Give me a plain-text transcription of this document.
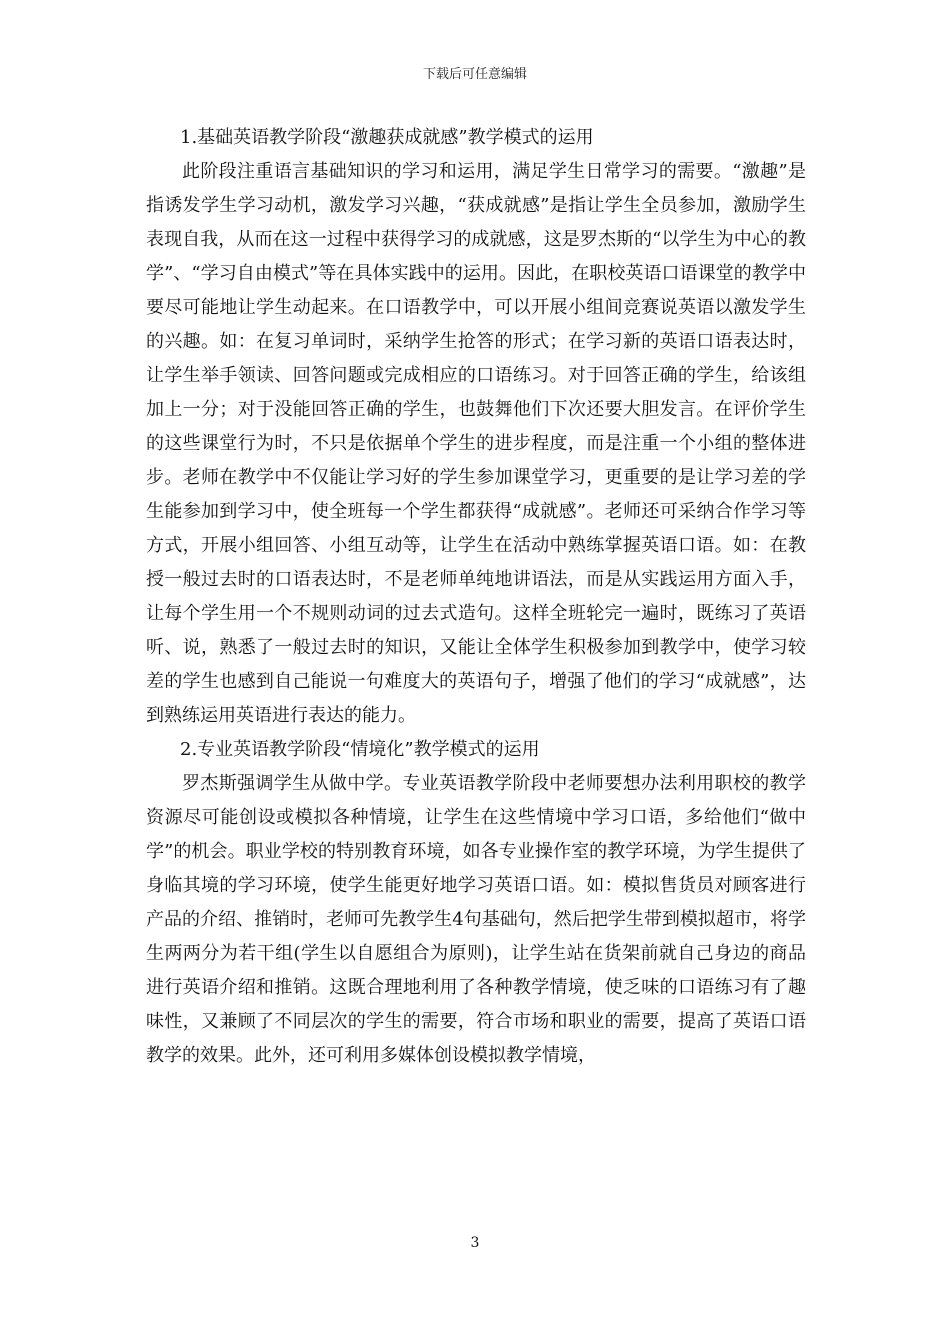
下载后可任意编辑

1.基础英语教学阶段“激趣获成就感”教学模式的运用

此阶段注重语言基础知识的学习和运用，满足学生日常学习的需要。“激趣”是指诱发学生学习动机，激发学习兴趣，“获成就感”是指让学生全员参加，激励学生表现自我，从而在这一过程中获得学习的成就感，这是罗杰斯的“以学生为中心的教学”、“学习自由模式”等在具体实践中的运用。因此，在职校英语口语课堂的教学中要尽可能地让学生动起来。在口语教学中，可以开展小组间竞赛说英语以激发学生的兴趣。如：在复习单词时，采纳学生抢答的形式；在学习新的英语口语表达时，让学生举手领读、回答问题或完成相应的口语练习。对于回答正确的学生，给该组加上一分；对于没能回答正确的学生，也鼓舞他们下次还要大胆发言。在评价学生的这些课堂行为时，不只是依据单个学生的进步程度，而是注重一个小组的整体进步。老师在教学中不仅能让学习好的学生参加课堂学习，更重要的是让学习差的学生能参加到学习中，使全班每一个学生都获得“成就感”。老师还可采纳合作学习等方式，开展小组回答、小组互动等，让学生在活动中熟练掌握英语口语。如：在教授一般过去时的口语表达时，不是老师单纯地讲语法，而是从实践运用方面入手，让每个学生用一个不规则动词的过去式造句。这样全班轮完一遍时，既练习了英语听、说，熟悉了一般过去时的知识，又能让全体学生积极参加到教学中，使学习较差的学生也感到自己能说一句难度大的英语句子，增强了他们的学习“成就感”，达到熟练运用英语进行表达的能力。

2.专业英语教学阶段“情境化”教学模式的运用

罗杰斯强调学生从做中学。专业英语教学阶段中老师要想办法利用职校的教学资源尽可能创设或模拟各种情境，让学生在这些情境中学习口语，多给他们“做中学”的机会。职业学校的特别教育环境，如各专业操作室的教学环境，为学生提供了身临其境的学习环境，使学生能更好地学习英语口语。如：模拟售货员对顾客进行产品的介绍、推销时，老师可先教学生4句基础句，然后把学生带到模拟超市，将学生两两分为若干组(学生以自愿组合为原则)，让学生站在货架前就自己身边的商品进行英语介绍和推销。这既合理地利用了各种教学情境，使乏味的口语练习有了趣味性，又兼顾了不同层次的学生的需要，符合市场和职业的需要，提高了英语口语教学的效果。此外，还可利用多媒体创设模拟教学情境，

3
